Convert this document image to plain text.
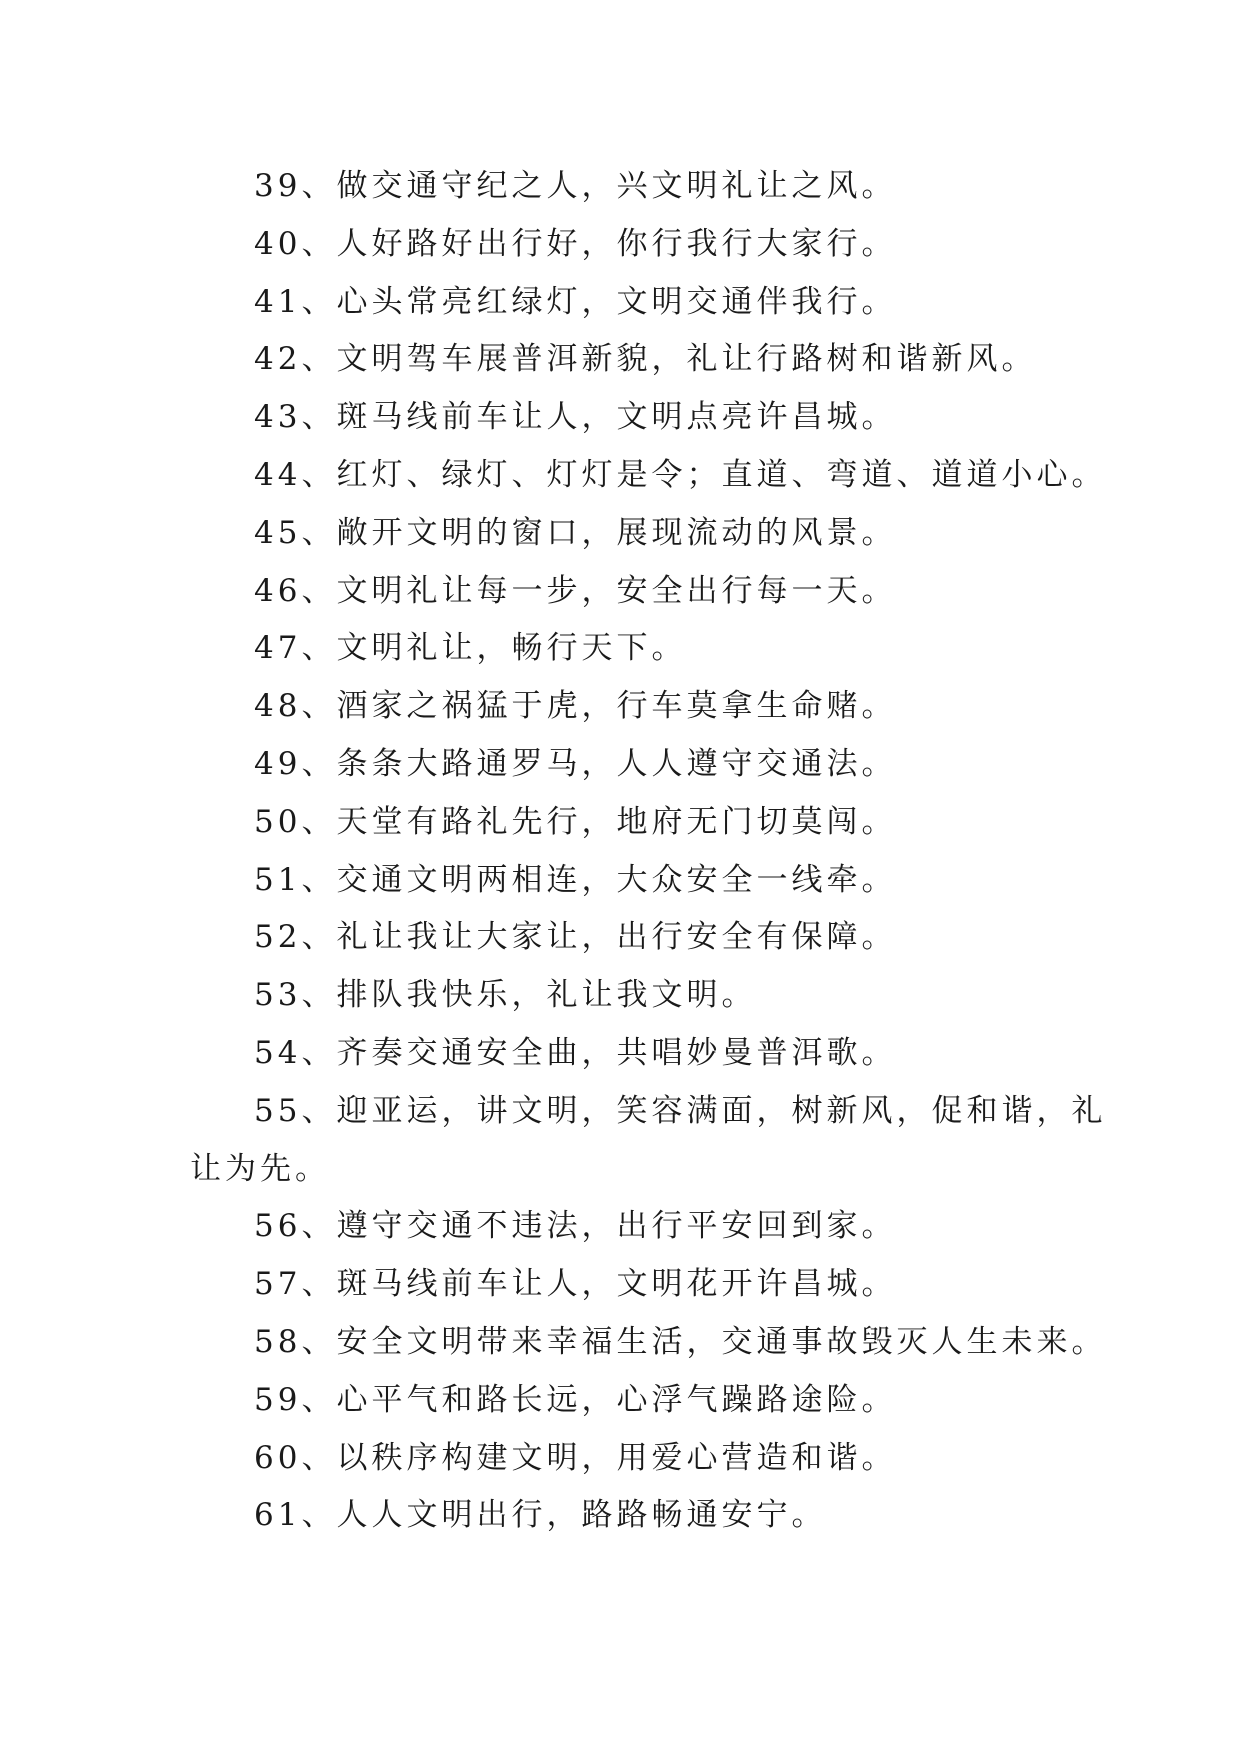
39、做交通守纪之人，兴文明礼让之风。
40、人好路好出行好，你行我行大家行。
41、心头常亮红绿灯，文明交通伴我行。
42、文明驾车展普洱新貌，礼让行路树和谐新风。
43、斑马线前车让人，文明点亮许昌城。
44、红灯、绿灯、灯灯是令；直道、弯道、道道小心。
45、敞开文明的窗口，展现流动的风景。
46、文明礼让每一步，安全出行每一天。
47、文明礼让，畅行天下。
48、酒家之祸猛于虎，行车莫拿生命赌。
49、条条大路通罗马，人人遵守交通法。
50、天堂有路礼先行，地府无门切莫闯。
51、交通文明两相连，大众安全一线牵。
52、礼让我让大家让，出行安全有保障。
53、排队我快乐，礼让我文明。
54、齐奏交通安全曲，共唱妙曼普洱歌。
55、迎亚运，讲文明，笑容满面，树新风，促和谐，礼
让为先。
56、遵守交通不违法，出行平安回到家。
57、斑马线前车让人，文明花开许昌城。
58、安全文明带来幸福生活，交通事故毁灭人生未来。
59、心平气和路长远，心浮气躁路途险。
60、以秩序构建文明，用爱心营造和谐。
61、人人文明出行，路路畅通安宁。
